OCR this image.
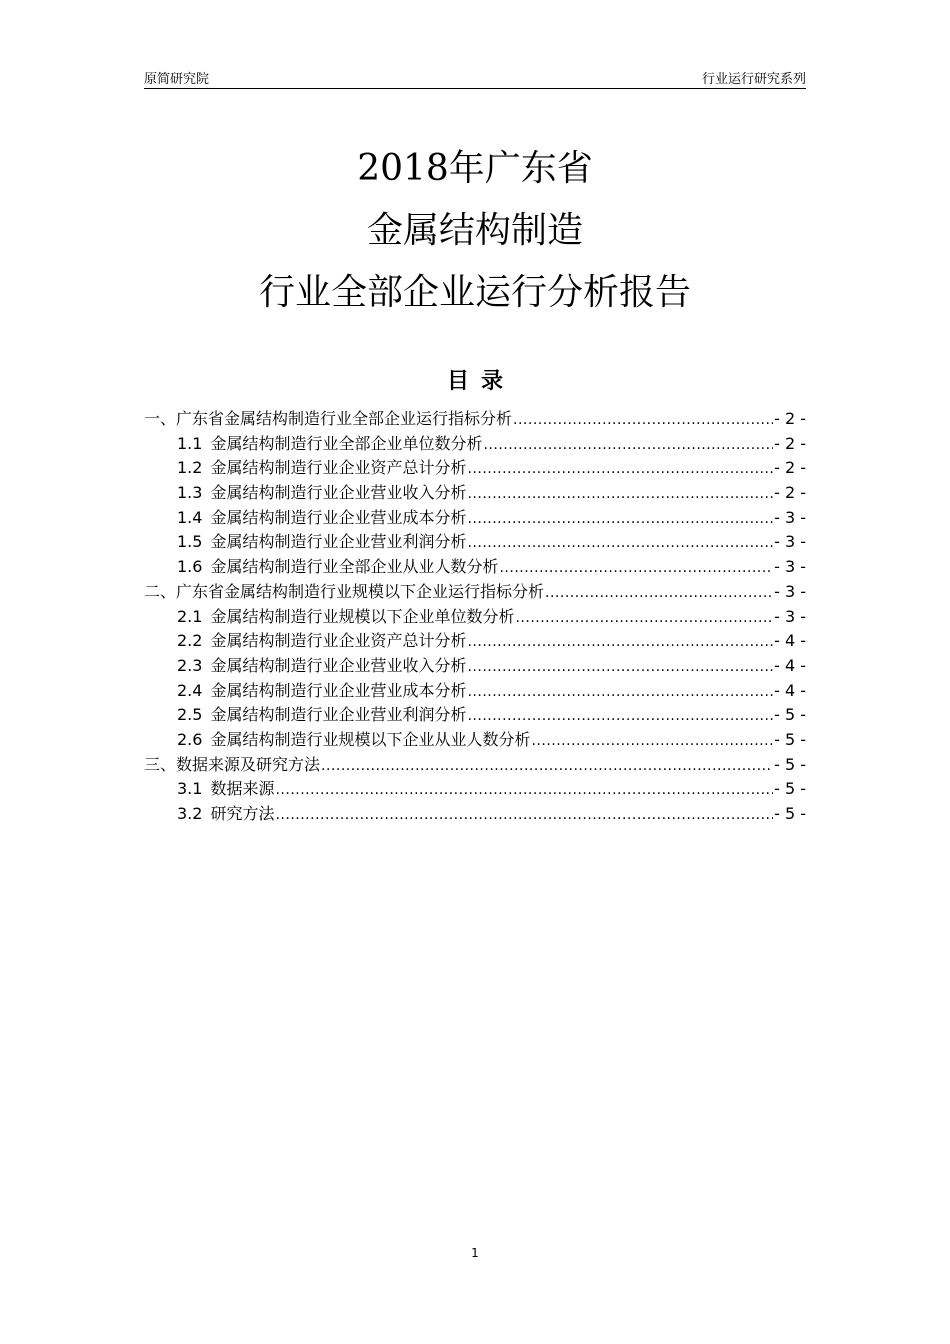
原简研究院	行业运行研究系列
2018年广东省
金属结构制造
行业全部企业运行分析报告
目录
一、广东省金属结构制造行业全部企业运行指标分析 .....	- 2 -
1.1 金属结构制造行业全部企业单位数分析 .....	- 2 -
1.2 金属结构制造行业企业资产总计分析 .....	- 2 -
1.3 金属结构制造行业企业营业收入分析 .....	- 2 -
1.4 金属结构制造行业企业营业成本分析 .....	- 3 -
1.5 金属结构制造行业企业营业利润分析 .....	- 3 -
1.6 金属结构制造行业全部企业从业人数分析 .....	- 3 -
二、广东省金属结构制造行业规模以下企业运行指标分析 .....	- 3 -
2.1 金属结构制造行业规模以下企业单位数分析 .....	- 3 -
2.2 金属结构制造行业企业资产总计分析 .....	- 4 -
2.3 金属结构制造行业企业营业收入分析 .....	- 4 -
2.4 金属结构制造行业企业营业成本分析 .....	- 4 -
2.5 金属结构制造行业企业营业利润分析 .....	- 5 -
2.6 金属结构制造行业规模以下企业从业人数分析 .....	- 5 -
三、数据来源及研究方法 .....	- 5 -
3.1 数据来源 .....	- 5 -
3.2 研究方法 .....	- 5 -
1
